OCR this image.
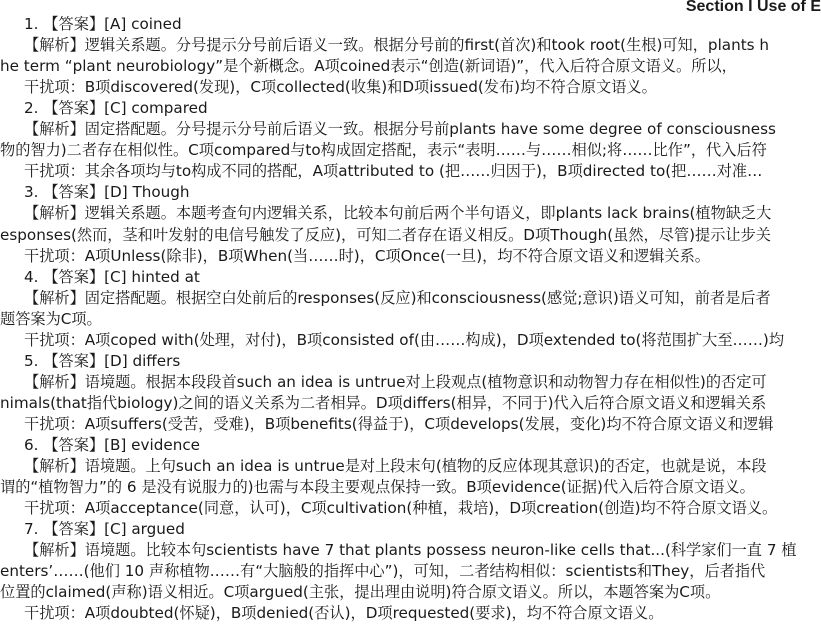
Section I Use of E
1. 【答案】[A] coined
【解析】逻辑关系题。分号提示分号前后语义一致。根据分号前的first(首次)和took root(生根)可知，plants h
he term “plant neurobiology”是个新概念。A项coined表示“创造(新词语)”，代入后符合原文语义。所以，
干扰项：B项discovered(发现)，C项collected(收集)和D项issued(发布)均不符合原文语义。
2. 【答案】[C] compared
【解析】固定搭配题。分号提示分号前后语义一致。根据分号前plants have some degree of consciousness
物的智力)二者存在相似性。C项compared与to构成固定搭配，表示“表明……与……相似;将……比作”，代入后符
干扰项：其余各项均与to构成不同的搭配，A项attributed to (把……归因于)，B项directed to(把……对准…
3. 【答案】[D] Though
【解析】逻辑关系题。本题考查句内逻辑关系，比较本句前后两个半句语义，即plants lack brains(植物缺乏大
esponses(然而，茎和叶发射的电信号触发了反应)，可知二者存在语义相反。D项Though(虽然，尽管)提示让步关
干扰项：A项Unless(除非)，B项When(当……时)，C项Once(一旦)，均不符合原文语义和逻辑关系。
4. 【答案】[C] hinted at
【解析】固定搭配题。根据空白处前后的responses(反应)和consciousness(感觉;意识)语义可知，前者是后者
题答案为C项。
干扰项：A项coped with(处理，对付)，B项consisted of(由……构成)，D项extended to(将范围扩大至……)均
5. 【答案】[D] differs
【解析】语境题。根据本段段首such an idea is untrue对上段观点(植物意识和动物智力存在相似性)的否定可
nimals(that指代biology)之间的语义关系为二者相异。D项differs(相异，不同于)代入后符合原文语义和逻辑关系
干扰项：A项suffers(受苦，受难)，B项benefits(得益于)，C项develops(发展，变化)均不符合原文语义和逻辑
6. 【答案】[B] evidence
【解析】语境题。上句such an idea is untrue是对上段末句(植物的反应体现其意识)的否定，也就是说，本段
谓的“植物智力”的 6 是没有说服力的)也需与本段主要观点保持一致。B项evidence(证据)代入后符合原文语义。
干扰项：A项acceptance(同意，认可)，C项cultivation(种植，栽培)，D项creation(创造)均不符合原文语义。
7. 【答案】[C] argued
【解析】语境题。比较本句scientists have 7 that plants possess neuron-like cells that...(科学家们一直 7 植
enters’……(他们 10 声称植物……有“大脑般的指挥中心”)，可知，二者结构相似：scientists和They，后者指代
位置的claimed(声称)语义相近。C项argued(主张，提出理由说明)符合原文语义。所以，本题答案为C项。
干扰项：A项doubted(怀疑)，B项denied(否认)，D项requested(要求)，均不符合原文语义。
